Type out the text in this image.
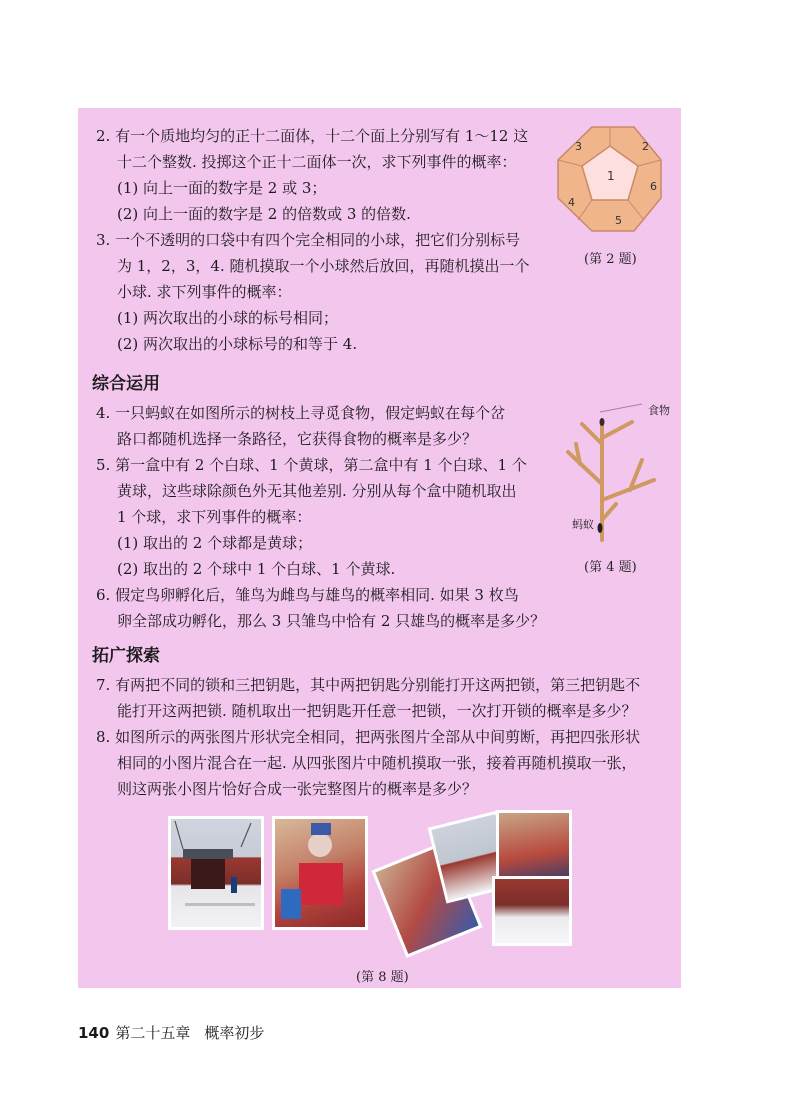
2. 有一个质地均匀的正十二面体，十二个面上分别写有 1～12 这
十二个整数. 投掷这个正十二面体一次，求下列事件的概率：
(1) 向上一面的数字是 2 或 3；
(2) 向上一面的数字是 2 的倍数或 3 的倍数.
3. 一个不透明的口袋中有四个完全相同的小球，把它们分别标号
为 1，2，3，4. 随机摸取一个小球然后放回，再随机摸出一个
小球. 求下列事件的概率：
(1) 两次取出的小球的标号相同；
(2) 两次取出的小球标号的和等于 4.
1
2
3
4
5
6
(第 2 题)
综合运用
4. 一只蚂蚁在如图所示的树枝上寻觅食物，假定蚂蚁在每个岔
路口都随机选择一条路径，它获得食物的概率是多少？
5. 第一盒中有 2 个白球、1 个黄球，第二盒中有 1 个白球、1 个
黄球，这些球除颜色外无其他差别. 分别从每个盒中随机取出
1 个球，求下列事件的概率：
(1) 取出的 2 个球都是黄球；
(2) 取出的 2 个球中 1 个白球、1 个黄球.
6. 假定鸟卵孵化后，雏鸟为雌鸟与雄鸟的概率相同. 如果 3 枚鸟
卵全部成功孵化，那么 3 只雏鸟中恰有 2 只雄鸟的概率是多少？
食物
蚂蚁
(第 4 题)
拓广探索
7. 有两把不同的锁和三把钥匙，其中两把钥匙分别能打开这两把锁，第三把钥匙不
能打开这两把锁. 随机取出一把钥匙开任意一把锁，一次打开锁的概率是多少？
8. 如图所示的两张图片形状完全相同，把两张图片全部从中间剪断，再把四张形状
相同的小图片混合在一起. 从四张图片中随机摸取一张，接着再随机摸取一张，
则这两张小图片恰好合成一张完整图片的概率是多少？
(第 8 题)
140 第二十五章 概率初步
